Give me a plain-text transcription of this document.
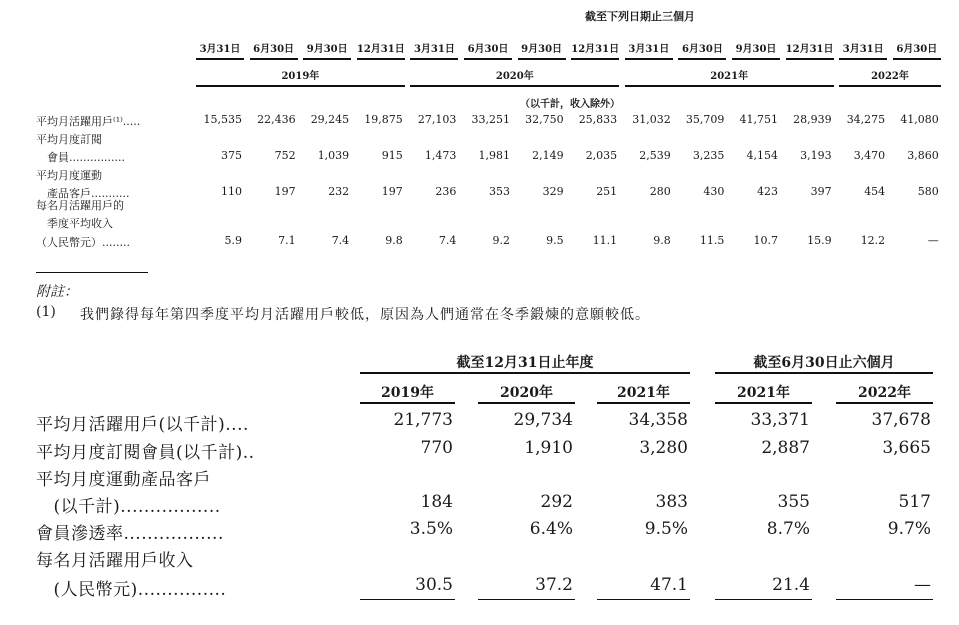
截至下列日期止三個月
（以千計，收入除外）
3月31日	6月30日	9月30日 12月31日 3月31日	6月30日	9月30日 12月31日 3月31日	6月30日	9月30日 12月31日 3月31日	6月30日
2019年	2020年	2021年	2022年
平均月活躍用戶⁽¹⁾.....	15,535	22,436	29,245	19,875	27,103	33,251	32,750	25,833	31,032	35,709	41,751	28,939	34,275	41,080
平均月度訂閱
　會員................	375	752	1,039	915	1,473	1,981	2,149	2,035	2,539	3,235	4,154	3,193	3,470	3,860
平均月度運動
　產品客戶...........	110	197	232	197	236	353	329	251	280	430	423	397	454	580
每名月活躍用戶的
　季度平均收入
（人民幣元）........	5.9	7.1	7.4	9.8	7.4	9.2	9.5	11.1	9.8	11.5	10.7	15.9	12.2	—
附註：
(1) 我們錄得每年第四季度平均月活躍用戶較低，原因為人們通常在冬季鍛煉的意願較低。
截至12月31日止年度	截至6月30日止六個月
2019年	2020年	2021年	2021年	2022年
平均月活躍用戶(以千計)....	21,773	29,734	34,358	33,371	37,678
平均月度訂閱會員(以千計)..	770	1,910	3,280	2,887	3,665
平均月度運動產品客戶
　(以千計).................	184	292	383	355	517
會員滲透率.................	3.5%	6.4%	9.5%	8.7%	9.7%
每名月活躍用戶收入
　(人民幣元)...............	30.5	37.2	47.1	21.4	—
